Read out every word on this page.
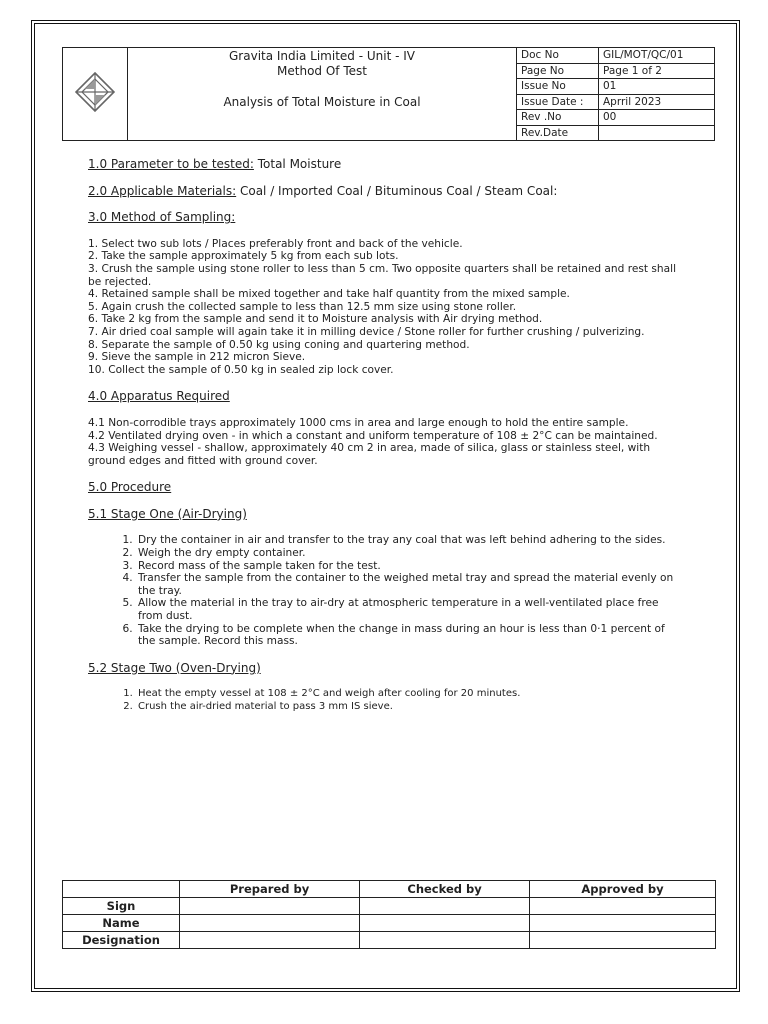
	Gravita India Limited - Unit - IV
Method Of Test
Analysis of Total Moisture in Coal	Doc No	GIL/MOT/QC/01
		Page No	Page 1 of 2
		Issue No	01
		Issue Date :	Aprril 2023
		Rev .No	00
		Rev.Date	

1.0 Parameter to be tested: Total Moisture

2.0 Applicable Materials: Coal / Imported Coal / Bituminous Coal / Steam Coal:

3.0 Method of Sampling:

1. Select two sub lots / Places preferably front and back of the vehicle.

2. Take the sample approximately 5 kg from each sub lots.

3. Crush the sample using stone roller to less than 5 cm. Two opposite quarters shall be retained and rest shall be rejected.

4. Retained sample shall be mixed together and take half quantity from the mixed sample.

5. Again crush the collected sample to less than 12.5 mm size using stone roller.

6. Take 2 kg from the sample and send it to Moisture analysis with Air drying method.

7. Air dried coal sample will again take it in milling device / Stone roller for further crushing / pulverizing.

8. Separate the sample of 0.50 kg using coning and quartering method.

9. Sieve the sample in 212 micron Sieve.

10. Collect the sample of 0.50 kg in sealed zip lock cover.

4.0 Apparatus Required

4.1 Non-corrodible trays approximately 1000 cms in area and large enough to hold the entire sample.

4.2 Ventilated drying oven - in which a constant and uniform temperature of 108 ± 2°C can be maintained.

4.3 Weighing vessel - shallow, approximately 40 cm 2 in area, made of silica, glass or stainless steel, with ground edges and fitted with ground cover.

5.0 Procedure

5.1 Stage One (Air-Drying)

1. Dry the container in air and transfer to the tray any coal that was left behind adhering to the sides.
2. Weigh the dry empty container.
3. Record mass of the sample taken for the test.
4. Transfer the sample from the container to the weighed metal tray and spread the material evenly on the tray.
5. Allow the material in the tray to air-dry at atmospheric temperature in a well-ventilated place free from dust.
6. Take the drying to be complete when the change in mass during an hour is less than 0·1 percent of the sample. Record this mass.

5.2 Stage Two (Oven-Drying)

1. Heat the empty vessel at 108 ± 2°C and weigh after cooling for 20 minutes.
2. Crush the air-dried material to pass 3 mm IS sieve.
	Prepared by	Checked by	Approved by
Sign			
Name			
Designation			
